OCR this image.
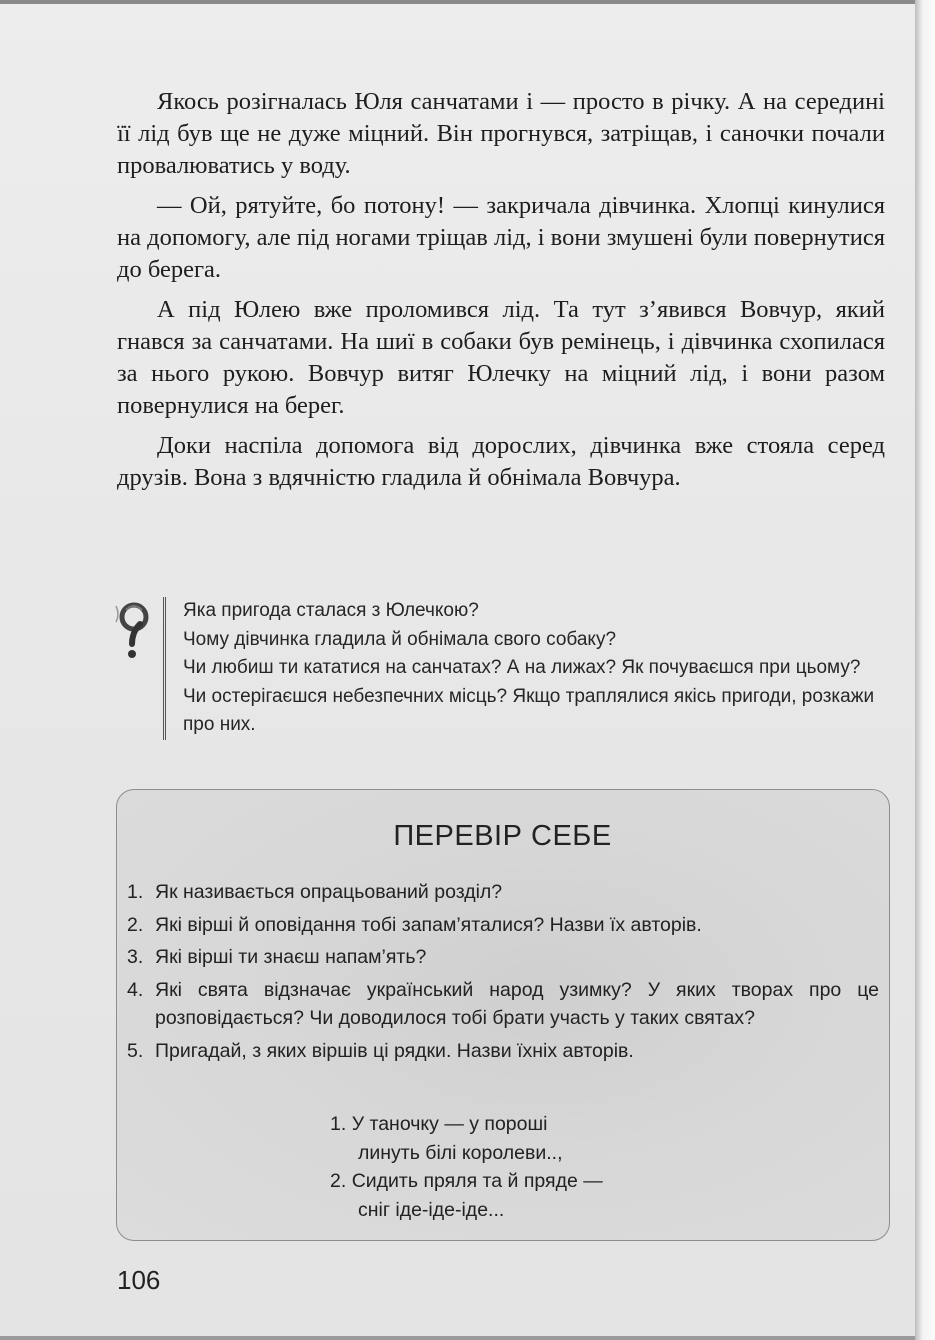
Якось розігналась Юля санчатами і — просто в річку. А на середині її лід був ще не дуже міцний. Він прогнувся, затріщав, і саночки почали провалюватись у воду.

— Ой, рятуйте, бо потону! — закричала дівчинка. Хлопці кинулися на допомогу, але під ногами тріщав лід, і вони змушені були повернутися до берега.

А під Юлею вже проломився лід. Та тут з’явився Вовчур, який гнався за санчатами. На шиї в собаки був ремінець, і дівчинка схопилася за нього рукою. Вовчур витяг Юлечку на міцний лід, і вони разом повернулися на берег.

Доки наспіла допомога від дорослих, дівчинка вже стояла серед друзів. Вона з вдячністю гладила й обнімала Вовчура.

Яка пригода сталася з Юлечкою?
Чому дівчинка гладила й обнімала свого собаку?
Чи любиш ти кататися на санчатах? А на лижах? Як почуваєшся при цьому?
Чи остерігаєшся небезпечних місць? Якщо траплялися якісь пригоди, розкажи про них.
ПЕРЕВІР СЕБЕ
1. Як називається опрацьований розділ?
2. Які вірші й оповідання тобі запам’яталися? Назви їх авторів.
3. Які вірші ти знаєш напам’ять?
4. Які свята відзначає український народ узимку? У яких творах про це розповідається? Чи доводилося тобі брати участь у таких святах?
5. Пригадай, з яких віршів ці рядки. Назви їхніх авторів.
1. У таночку — у пороші
линуть білі королеви..,
2. Сидить пряля та й пряде —
сніг іде-іде-іде...
106
